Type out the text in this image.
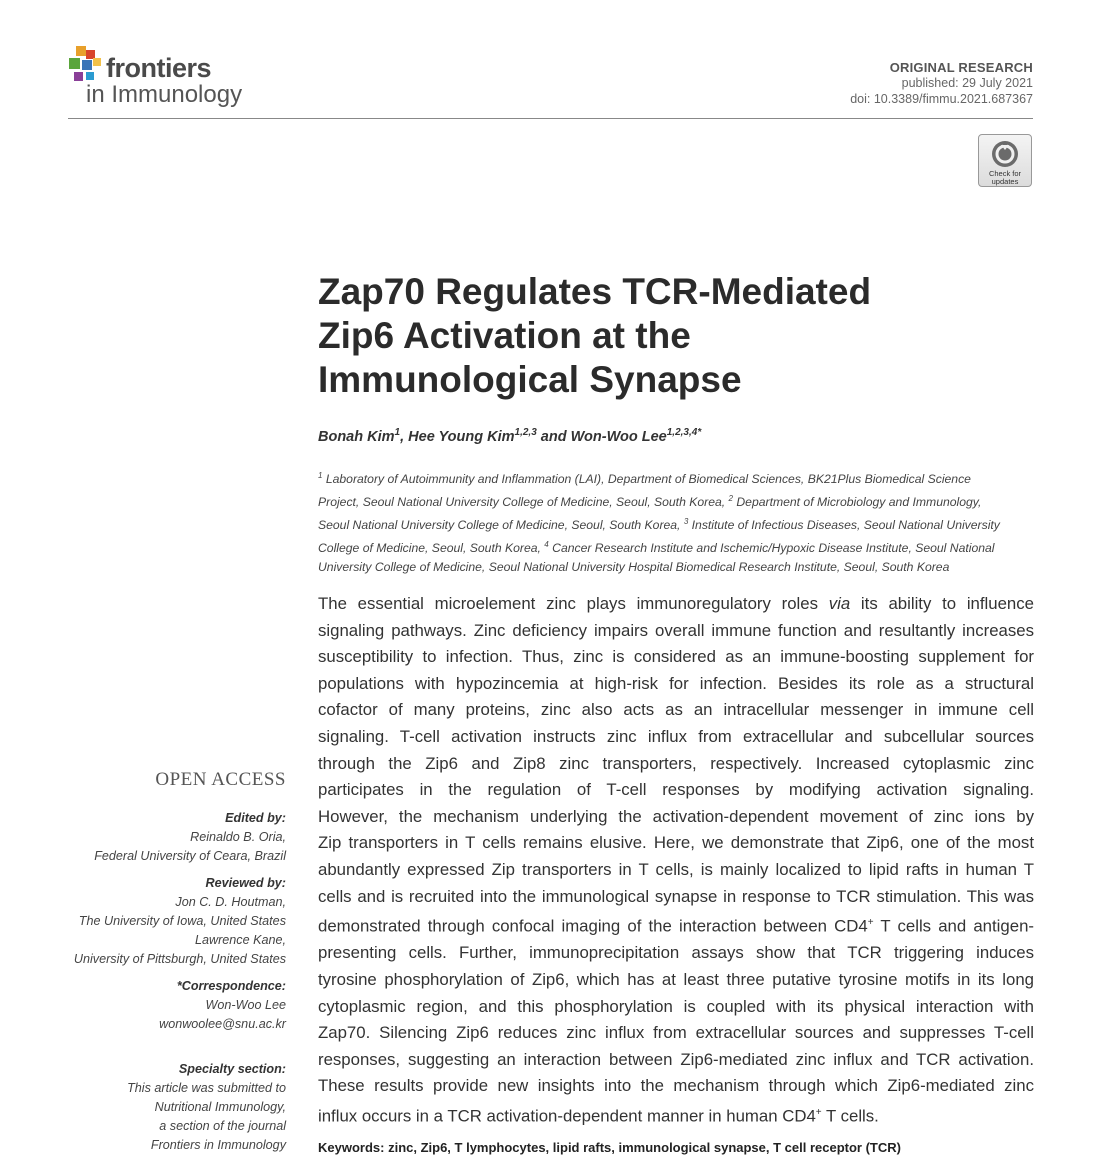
frontiers
in Immunology
ORIGINAL RESEARCH
published: 29 July 2021
doi: 10.3389/fimmu.2021.687367
Check for
updates
Zap70 Regulates TCR-Mediated
Zip6 Activation at the
Immunological Synapse
Bonah Kim$^1$, Hee Young Kim$^{1,2,3}$ and Won-Woo Lee$^{1,2,3,4*}$
$^1$ Laboratory of Autoimmunity and Inflammation (LAI), Department of Biomedical Sciences, BK21Plus Biomedical Science
Project, Seoul National University College of Medicine, Seoul, South Korea, $^2$ Department of Microbiology and Immunology,
Seoul National University College of Medicine, Seoul, South Korea, $^3$ Institute of Infectious Diseases, Seoul National University
College of Medicine, Seoul, South Korea, $^4$ Cancer Research Institute and Ischemic/Hypoxic Disease Institute, Seoul National
University College of Medicine, Seoul National University Hospital Biomedical Research Institute, Seoul, South Korea
The essential microelement zinc plays immunoregulatory roles via its ability to influence
signaling pathways. Zinc deficiency impairs overall immune function and resultantly increases
susceptibility to infection. Thus, zinc is considered as an immune-boosting supplement for
populations with hypozincemia at high-risk for infection. Besides its role as a structural
cofactor of many proteins, zinc also acts as an intracellular messenger in immune cell
signaling. T-cell activation instructs zinc influx from extracellular and subcellular sources
through the Zip6 and Zip8 zinc transporters, respectively. Increased cytoplasmic zinc
participates in the regulation of T-cell responses by modifying activation signaling.
However, the mechanism underlying the activation-dependent movement of zinc ions by
Zip transporters in T cells remains elusive. Here, we demonstrate that Zip6, one of the most
abundantly expressed Zip transporters in T cells, is mainly localized to lipid rafts in human T
cells and is recruited into the immunological synapse in response to TCR stimulation. This was
demonstrated through confocal imaging of the interaction between CD4+ T cells and antigen-
presenting cells. Further, immunoprecipitation assays show that TCR triggering induces
tyrosine phosphorylation of Zip6, which has at least three putative tyrosine motifs in its long
cytoplasmic region, and this phosphorylation is coupled with its physical interaction with
Zap70. Silencing Zip6 reduces zinc influx from extracellular sources and suppresses T-cell
responses, suggesting an interaction between Zip6-mediated zinc influx and TCR activation.
These results provide new insights into the mechanism through which Zip6-mediated zinc
influx occurs in a TCR activation-dependent manner in human CD4+ T cells.
Keywords: zinc, Zip6, T lymphocytes, lipid rafts, immunological synapse, T cell receptor (TCR)
OPEN ACCESS
Edited by:
Reinaldo B. Oria,
Federal University of Ceara, Brazil
Reviewed by:
Jon C. D. Houtman,
The University of Iowa, United States
Lawrence Kane,
University of Pittsburgh, United States
*Correspondence:
Won-Woo Lee
wonwoolee@snu.ac.kr
Specialty section:
This article was submitted to
Nutritional Immunology,
a section of the journal
Frontiers in Immunology
